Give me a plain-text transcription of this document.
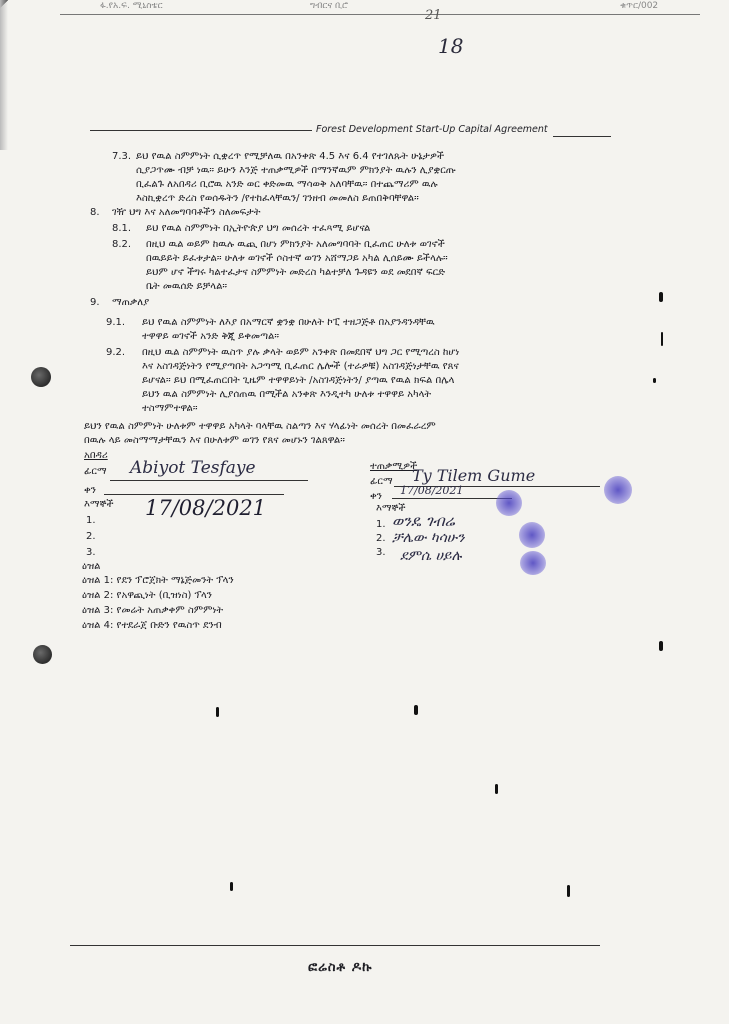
ፋ.የአ.ፍ. ሚኒስቴር	ግብርና ቢሮ	ቁጥር/002
21
18
Forest Development Start-Up Capital Agreement
7.3. ይህ የዉል ስምምነት ሲቋረጥ የሚቻለዉ በአንቀጽ 4.5 እና 6.4 የተገለጹት ሁኔታዎች
ሲያጋጥሙ ብቻ ነዉ። ይሁን እንጅ ተጠቃሚዎች በማንኛዉም ምክንያት ዉሉን ሊያቋርጡ
ቢፈልጉ ለአበዳሪ ቢሮዉ አንድ ወር ቀድመዉ ማሳወቅ አለባቸዉ። በተጨማሪም ዉሉ
እስኪቋረጥ ድረስ የወሰዱትን /የተከፈላቸዉን/ ገንዘብ መመለስ ይጠበቅባቸዋል።
8. ገዥ ህግ እና አለመግባባቶችን ስለመፍታት
8.1. ይህ የዉል ስምምነት በኢትዮጵያ ህግ መሰረት ተፈጻሚ ይሆናል
8.2. በዚህ ዉል ወይም ከዉሉ ዉጪ በሆነ ምክንያት አለመግባባት ቢፈጠር ሁለቱ ወገኖች
በዉይይት ይፈቱታል። ሁለቱ ወገኖች ሶስተኛ ወገን አሸማጋይ አካል ሊሰይሙ ይችላሉ።
ይህም ሆኖ ችግሩ ካልተፈታና ስምምነት መድረስ ካልተቻለ ጉዳዩን ወደ መደበኛ ፍርድ
ቤት መዉሰድ ይቻላል።
9. ማጠቃለያ
9.1. ይህ የዉል ስምምነት ለእያ በአማርኛ ቋንቋ በሁለት ኮፒ ተዘጋጅቶ በአያንዳንዳቸዉ
ተዋዋይ ወገኖች አንድ ቅጂ ይቀመጣል።
9.2. በዚህ ዉል ስምምነት ዉስጥ ያሉ ቃላት ወይም አንቀጽ በመደበኛ ህግ ጋር የሚጣረስ ከሆነ
እና አስገዳጅነትን የሚያጣበት አጋጣሚ ቢፈጠር ሌሎች (ተራዎቹ) አስገዳጅነታቸዉ የጸና
ይሆናል። ይህ በሚፈጠርበት ጊዜም ተዋዋይነት /አስገዳጅነትን/ ያጣዉ የዉል ክፍል በሌላ
ይህን ዉል ስምምነት ሊያሰጠዉ በሚችል አንቀጽ እንዲተካ ሁለቱ ተዋዋይ አካላት
ተስማምተዋል።
ይህን የዉል ስምምነት ሁለቱም ተዋዋይ አካላት ባላቸዉ ስልጣን እና ሃላፊነት መሰረት በመፈራረም
በዉሉ ላይ መስማማታቸዉን እና በሁለቱም ወገን የጸና መሆኑን ገልጸዋል።
አበዳሪ
ፊርማ Abiyot Tesfaye
ቀን
እማኞች 17/08/2021
1.
2.
3.
ዕዝል
ዕዝል 1: የደን ፕሮጀክት ማኔጅመንት ፕላን
ዕዝል 2: የአዋጪነት (ቢዝነስ) ፕላን
ዕዝል 3: የመሬት አጠቃቀም ስምምነት
ዕዝል 4: የተደራጀ ቡድን የዉስጥ ደንብ
ተጠቃሚዎች
ፊርማ Ty Tilem Gume
ቀን 17/08/2021
እማኞች
1.
2.
3.
ወንዴ ገብሬ
ቻሌው ካሳሁን
ደምሴ ሀይሉ
ፎሬስቶ ዶኩ
